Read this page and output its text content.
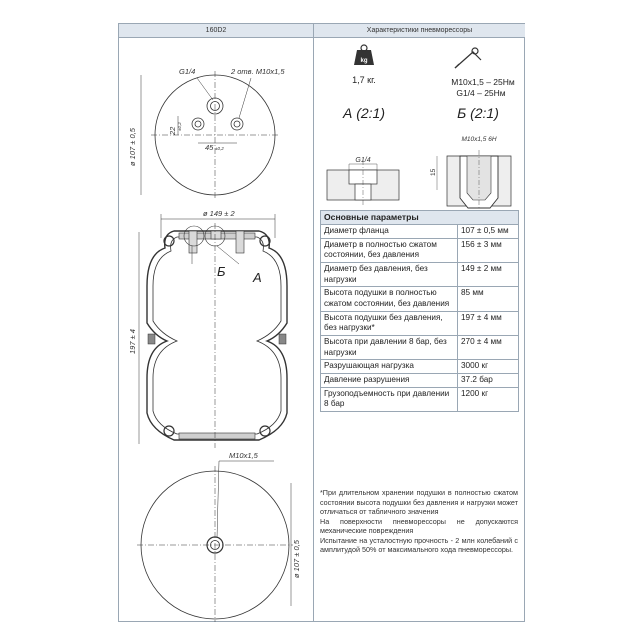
160D2	Характеристики пневморессоры
G1/4	2 отв. M10x1,5
ø 107 ± 0,5	22 ±0,2
45 ±0,2
ø 149 ± 2
197 ± 4
M10x1,5
ø 107 ± 0,5
Б А
kg
1,7 кг.	M10x1,5 – 25Нм
G1/4 – 25Нм
А (2:1)	Б (2:1)
G1/4
15
M10x1,5 6H
Основные параметры	
Диаметр фланца	107 ± 0,5 мм
Диаметр в полностью сжатом состоянии, без давления	156 ± 3 мм
Диаметр без давления, без нагрузки	149 ± 2 мм
Высота подушки в полностью сжатом состоянии, без давления	85 мм
Высота подушки без давления, без нагрузки*	197 ± 4 мм
Высота при давлении 8 бар, без нагрузки	270 ± 4 мм
Разрушающая нагрузка	3000 кг
Давление разрушения	37.2 бар
Грузоподъемность при давлении 8 бар	1200 кг

*При длительном хранении подушки в полностью сжатом состоянии высота подушки без давления и нагрузки может отличаться от табличного значения

На поверхности пневморессоры не допускаются механические повреждения

Испытание на усталостную прочность - 2 млн колебаний с амплитудой 50% от максимального хода пневморессоры.
